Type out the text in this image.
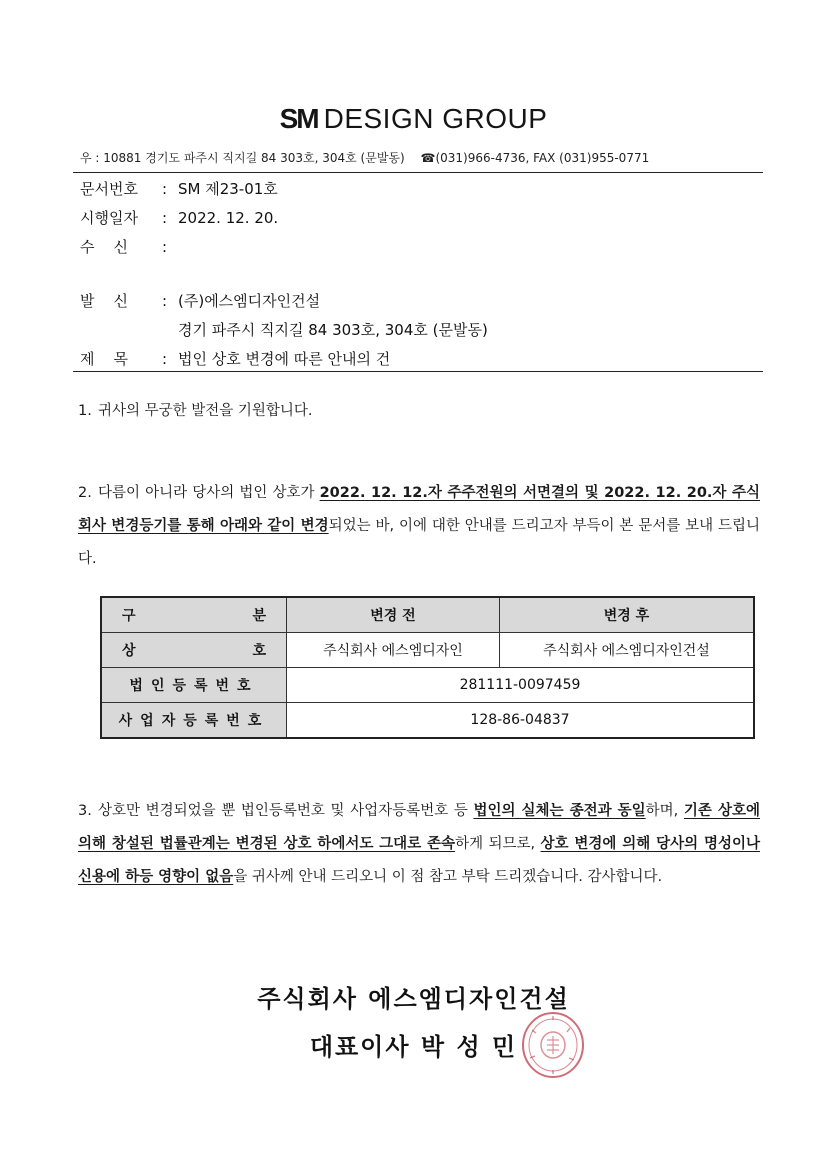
SM DESIGN GROUP
우 : 10881 경기도 파주시 직지길 84 303호, 304호 (문발동) ☎(031)966-4736, FAX (031)955-0771
문서번호 : SM 제23-01호
시행일자 : 2022. 12. 20.
수    신 :
발    신 : (주)에스엠디자인건설
경기 파주시 직지길 84 303호, 304호 (문발동)
제    목 : 법인 상호 변경에 따른 안내의 건
1. 귀사의 무궁한 발전을 기원합니다.
2. 다름이 아니라 당사의 법인 상호가 2022. 12. 12.자 주주전원의 서면결의 및 2022. 12. 20.자 주식회사 변경등기를 통해 아래와 같이 변경되었는 바, 이에 대한 안내를 드리고자 부득이 본 문서를 보내 드립니다.
구 분	변경 전	변경 후

상 호	주식회사 에스엠디자인	주식회사 에스엠디자인건설
법인등록번호	281111-0097459	
사업자등록번호	128-86-04837	
3. 상호만 변경되었을 뿐 법인등록번호 및 사업자등록번호 등 법인의 실체는 종전과 동일하며, 기존 상호에 의해 창설된 법률관계는 변경된 상호 하에서도 그대로 존속하게 되므로, 상호 변경에 의해 당사의 명성이나 신용에 하등 영향이 없음을 귀사께 안내 드리오니 이 점 참고 부탁 드리겠습니다. 감사합니다.
주식회사 에스엠디자인건설
대표이사 박 성 민
